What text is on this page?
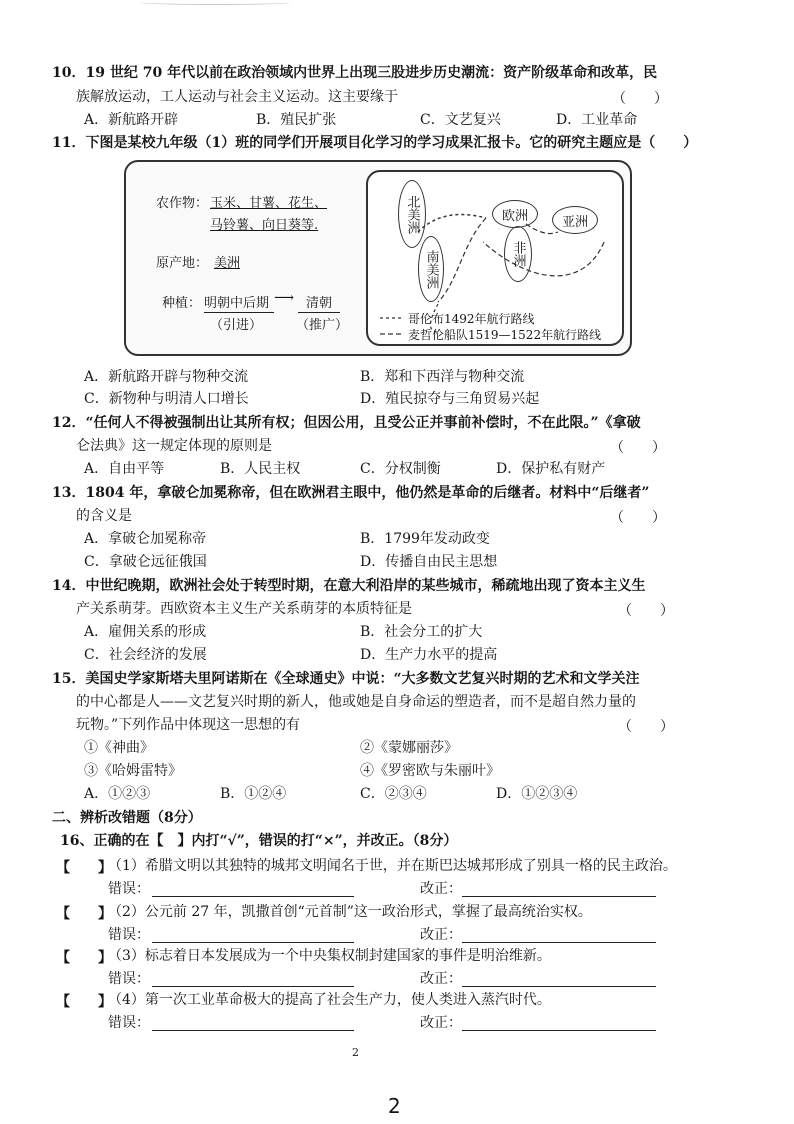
10．19 世纪 70 年代以前在政治领域内世界上出现三股进步历史潮流：资产阶级革命和改革，民
族解放运动，工人运动与社会主义运动。这主要缘于	（　　）
A．新航路开辟	B．殖民扩张	C．文艺复兴	D．工业革命
11．下图是某校九年级（1）班的同学们开展项目化学习的学习成果汇报卡。它的研究主题应是（　　）
农作物： 玉米、甘薯、花生、
马铃薯、向日葵等.
原产地： 美洲
种植： 明朝中后期 ⟶ 清朝
（引进）	（推广）
北美洲
南美洲
欧洲
非洲
亚洲
哥伦布1492年航行路线
麦哲伦船队1519—1522年航行路线
A．新航路开辟与物种交流	B．郑和下西洋与物种交流
C．新物种与明清人口增长	D．殖民掠夺与三角贸易兴起
12．“任何人不得被强制出让其所有权；但因公用，且受公正并事前补偿时，不在此限。”《拿破
仑法典》这一规定体现的原则是	（　　）
A．自由平等	B．人民主权	C．分权制衡	D．保护私有财产
13．1804 年，拿破仑加冕称帝，但在欧洲君主眼中，他仍然是革命的后继者。材料中“后继者”
的含义是	（　　）
A．拿破仑加冕称帝	B．1799年发动政变
C．拿破仑远征俄国	D．传播自由民主思想
14．中世纪晚期，欧洲社会处于转型时期，在意大利沿岸的某些城市，稀疏地出现了资本主义生
产关系萌芽。西欧资本主义生产关系萌芽的本质特征是	（　　）
A．雇佣关系的形成	B．社会分工的扩大
C．社会经济的发展	D．生产力水平的提高
15．美国史学家斯塔夫里阿诺斯在《全球通史》中说：“大多数文艺复兴时期的艺术和文学关注
的中心都是人——文艺复兴时期的新人，他或她是自身命运的塑造者，而不是超自然力量的
玩物。”下列作品中体现这一思想的有	（　　）
①《神曲》	②《蒙娜丽莎》
③《哈姆雷特》	④《罗密欧与朱丽叶》
A．①②③	B．①②④	C．②③④	D．①②③④
二、辨析改错题（8分）
16、正确的在【　】内打“√”，错误的打“×”，并改正。（8分）
【　　】
（1）希腊文明以其独特的城邦文明闻名于世，并在斯巴达城邦形成了别具一格的民主政治。
错误：	改正：
【　　】
（2）公元前 27 年，凯撒首创“元首制”这一政治形式，掌握了最高统治实权。
错误：	改正：
【　　】
（3）标志着日本发展成为一个中央集权制封建国家的事件是明治维新。
错误：	改正：
【　　】
（4）第一次工业革命极大的提高了社会生产力，使人类进入蒸汽时代。
错误：	改正：
2
2
